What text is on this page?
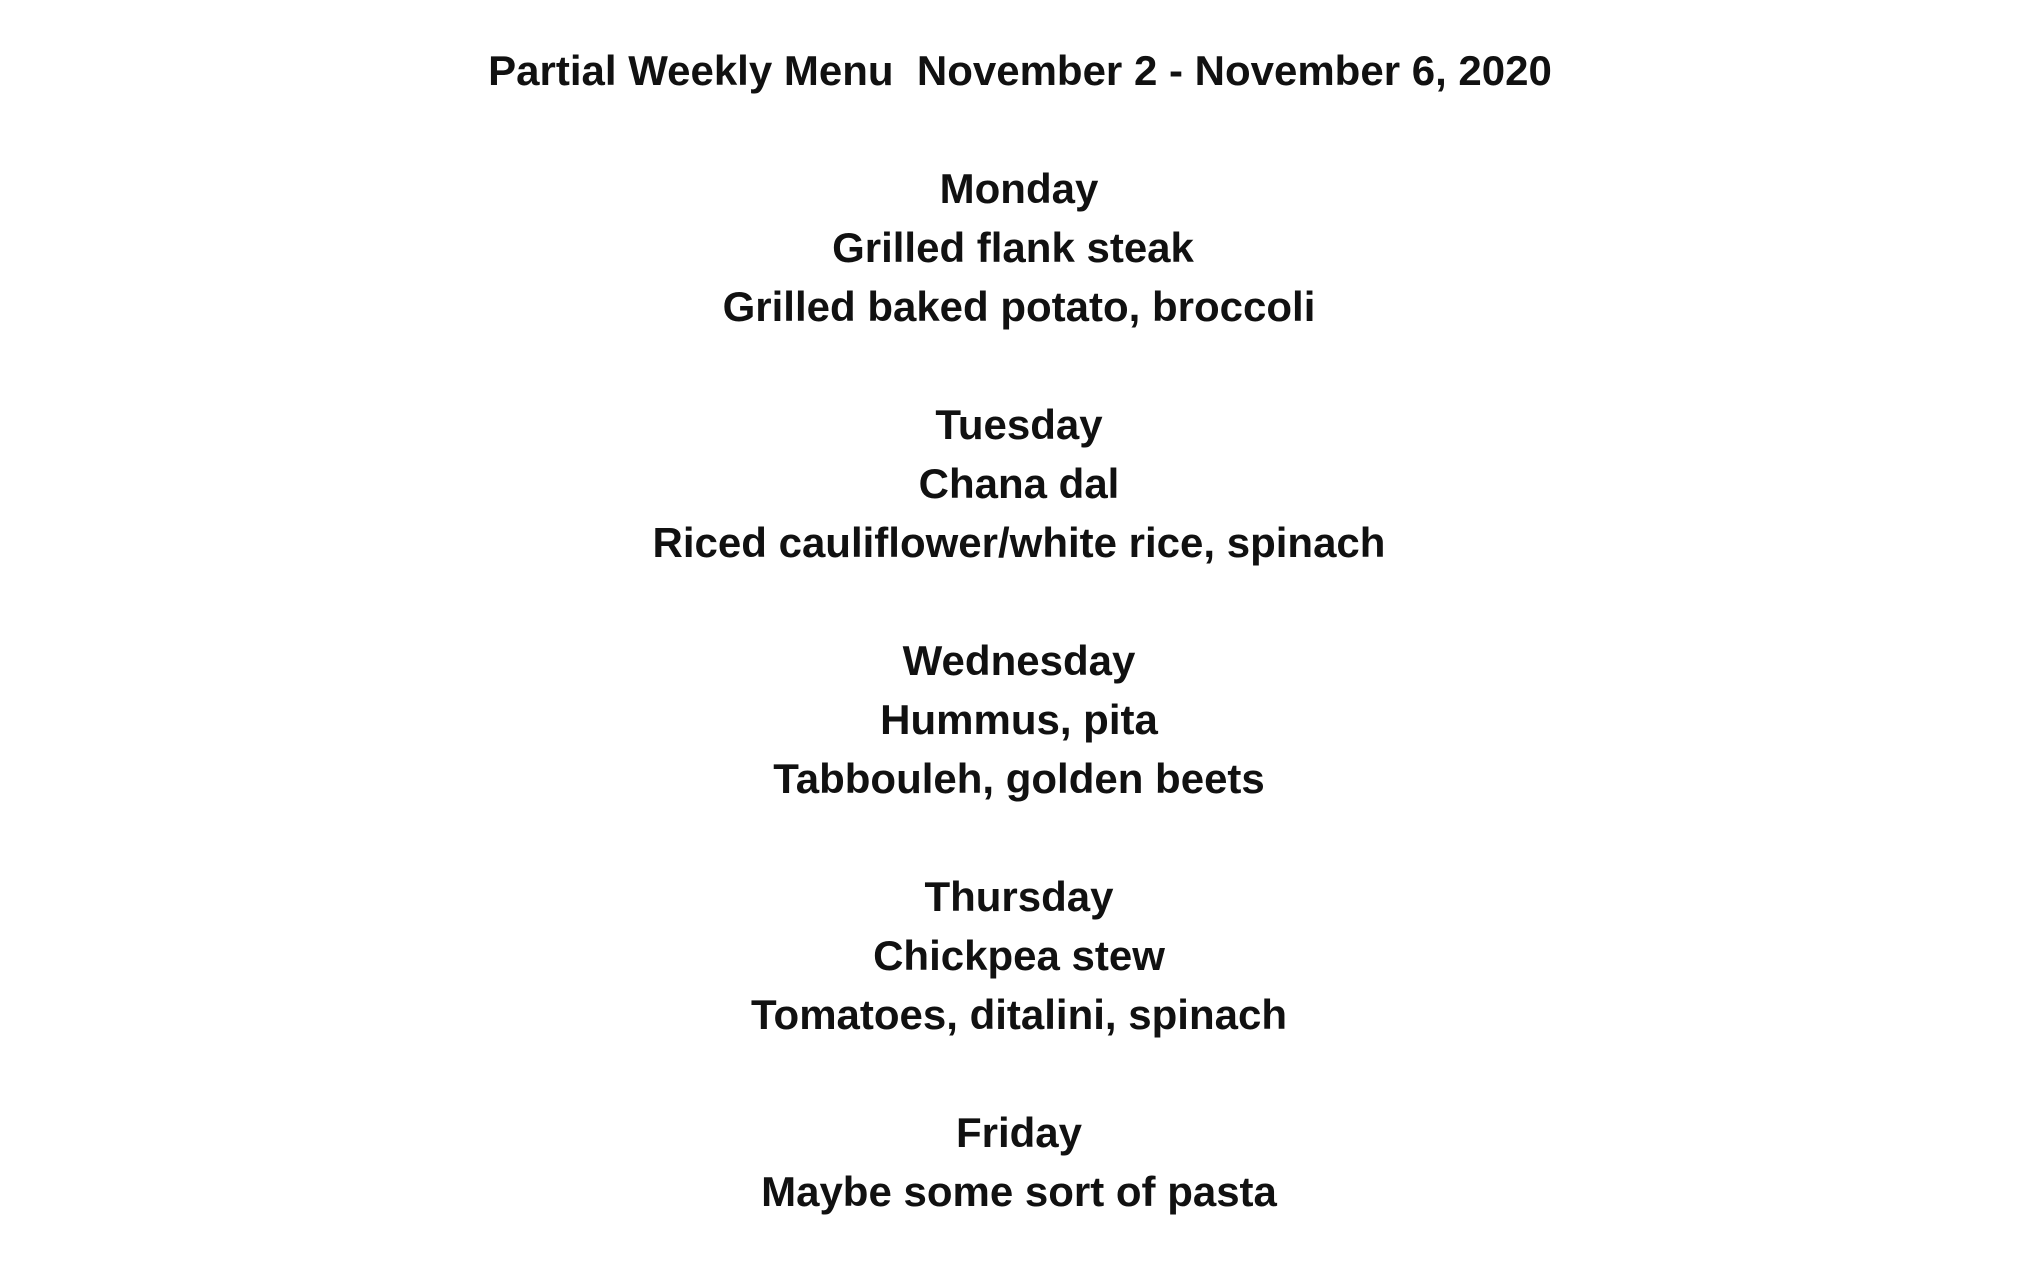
Partial Weekly Menu  November 2 - November 6, 2020
Monday
Grilled flank steak
Grilled baked potato, broccoli
Tuesday
Chana dal
Riced cauliflower/white rice, spinach
Wednesday
Hummus, pita
Tabbouleh, golden beets
Thursday
Chickpea stew
Tomatoes, ditalini, spinach
Friday
Maybe some sort of pasta
